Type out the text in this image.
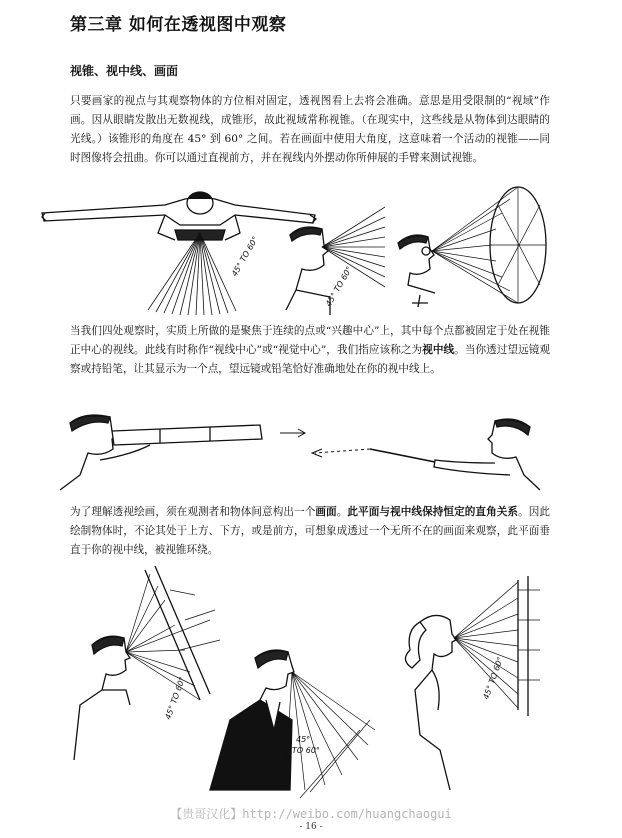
第三章 如何在透视图中观察
视锥、视中线、画面

只要画家的视点与其观察物体的方位相对固定，透视图看上去将会准确。意思是用受限制的“视域”作画。因从眼睛发散出无数视线，成锥形，故此视域常称视锥。（在现实中，这些线是从物体到达眼睛的光线。）该锥形的角度在 45° 到 60° 之间。若在画面中使用大角度，这意味着一个活动的视锥——同时图像将会扭曲。你可以通过直视前方，并在视线内外摆动你所伸展的手臂来测试视锥。

45° TO 60°
45° TO 60°

当我们四处观察时，实质上所做的是聚焦于连续的点或“兴趣中心”上，其中每个点都被固定于处在视锥正中心的视线。此线有时称作“视线中心”或“视觉中心”，我们指应该称之为视中线。当你透过望远镜观察或持铅笔，让其显示为一个点，望远镜或铅笔恰好准确地处在你的视中线上。

为了理解透视绘画，须在观测者和物体间意构出一个画面。此平面与视中线保持恒定的直角关系。因此绘制物体时，不论其处于上方、下方，或是前方，可想象成透过一个无所不在的画面来观察，此平面垂直于你的视中线，被视锥环绕。

45° TO 60°
45°
TO 60°
45° TO 60°
【贵哥汉化】http://weibo.com/huangchaogui
- 16 -
